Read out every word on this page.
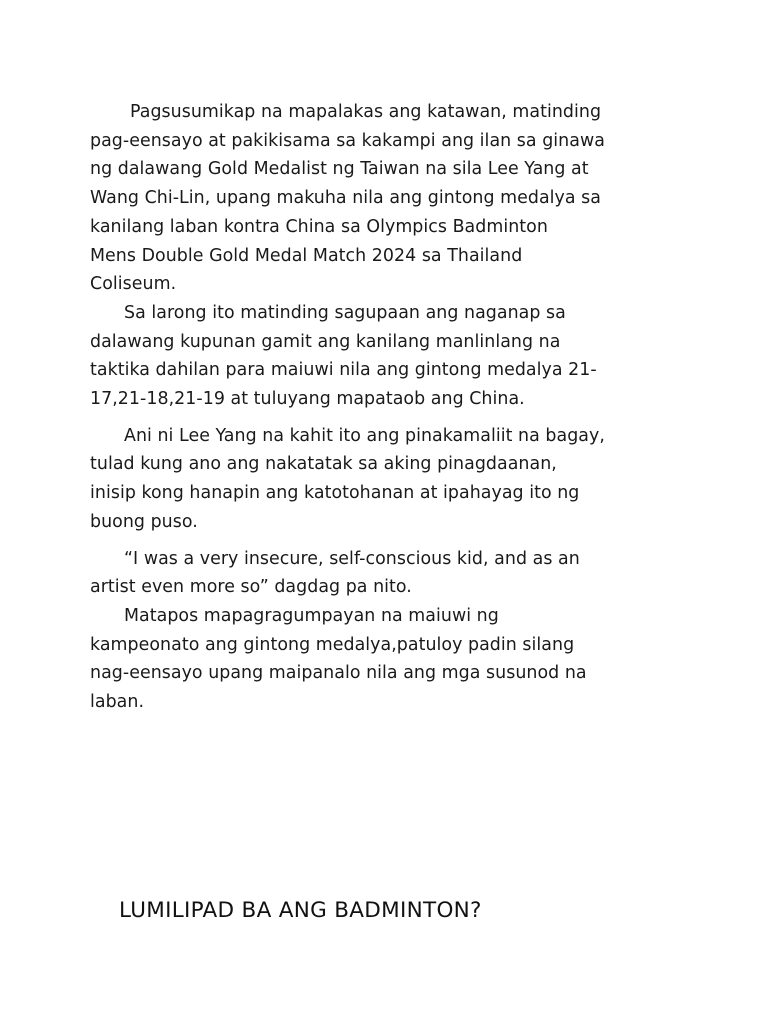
Pagsusumikap na mapalakas ang katawan, matinding
pag-eensayo at pakikisama sa kakampi ang ilan sa ginawa
ng dalawang Gold Medalist ng Taiwan na sila Lee Yang at
Wang Chi-Lin, upang makuha nila ang gintong medalya sa
kanilang laban kontra China sa Olympics Badminton
Mens Double Gold Medal Match 2024 sa Thailand
Coliseum.

Sa larong ito matinding sagupaan ang naganap sa
dalawang kupunan gamit ang kanilang manlinlang na
taktika dahilan para maiuwi nila ang gintong medalya 21-
17,21-18,21-19 at tuluyang mapataob ang China.

Ani ni Lee Yang na kahit ito ang pinakamaliit na bagay,
tulad kung ano ang nakatatak sa aking pinagdaanan,
inisip kong hanapin ang katotohanan at ipahayag ito ng
buong puso.

“I was a very insecure, self-conscious kid, and as an
artist even more so” dagdag pa nito.

Matapos mapagragumpayan na maiuwi ng
kampeonato ang gintong medalya,patuloy padin silang
nag-eensayo upang maipanalo nila ang mga susunod na
laban.

LUMILIPAD BA ANG BADMINTON?
